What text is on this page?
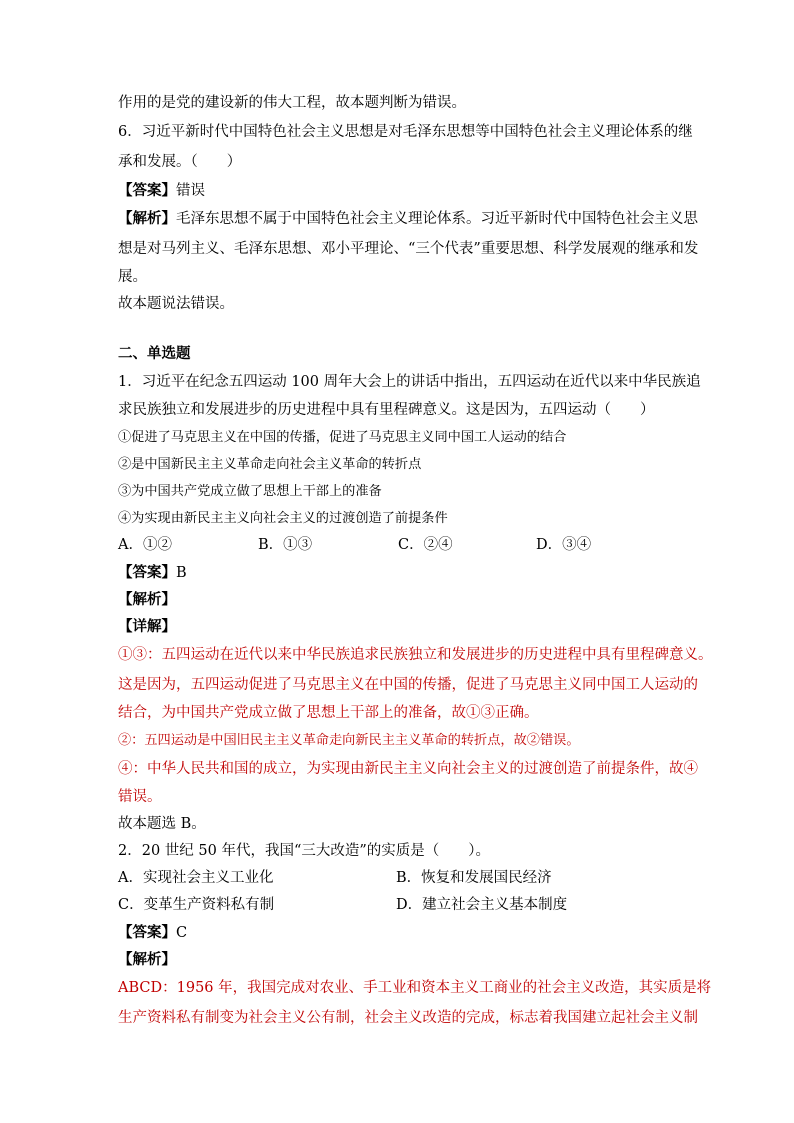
作用的是党的建设新的伟大工程，故本题判断为错误。
6．习近平新时代中国特色社会主义思想是对毛泽东思想等中国特色社会主义理论体系的继
承和发展。（　　）
【答案】错误
【解析】毛泽东思想不属于中国特色社会主义理论体系。习近平新时代中国特色社会主义思
想是对马列主义、毛泽东思想、邓小平理论、“三个代表”重要思想、科学发展观的继承和发
展。
故本题说法错误。
二、单选题
1．习近平在纪念五四运动 100 周年大会上的讲话中指出，五四运动在近代以来中华民族追
求民族独立和发展进步的历史进程中具有里程碑意义。这是因为，五四运动（　　）
①促进了马克思主义在中国的传播，促进了马克思主义同中国工人运动的结合
②是中国新民主主义革命走向社会主义革命的转折点
③为中国共产党成立做了思想上干部上的准备
④为实现由新民主主义向社会主义的过渡创造了前提条件
A．①②	B．①③	C．②④	D．③④
【答案】B
【解析】
【详解】
①③：五四运动在近代以来中华民族追求民族独立和发展进步的历史进程中具有里程碑意义。
这是因为，五四运动促进了马克思主义在中国的传播，促进了马克思主义同中国工人运动的
结合，为中国共产党成立做了思想上干部上的准备，故①③正确。
②：五四运动是中国旧民主主义革命走向新民主主义革命的转折点，故②错误。
④：中华人民共和国的成立，为实现由新民主主义向社会主义的过渡创造了前提条件，故④
错误。
故本题选 B。
2．20 世纪 50 年代，我国“三大改造”的实质是（　　）。
A．实现社会主义工业化	B．恢复和发展国民经济
C．变革生产资料私有制	D．建立社会主义基本制度
【答案】C
【解析】
ABCD：1956 年，我国完成对农业、手工业和资本主义工商业的社会主义改造，其实质是将
生产资料私有制变为社会主义公有制，社会主义改造的完成，标志着我国建立起社会主义制
